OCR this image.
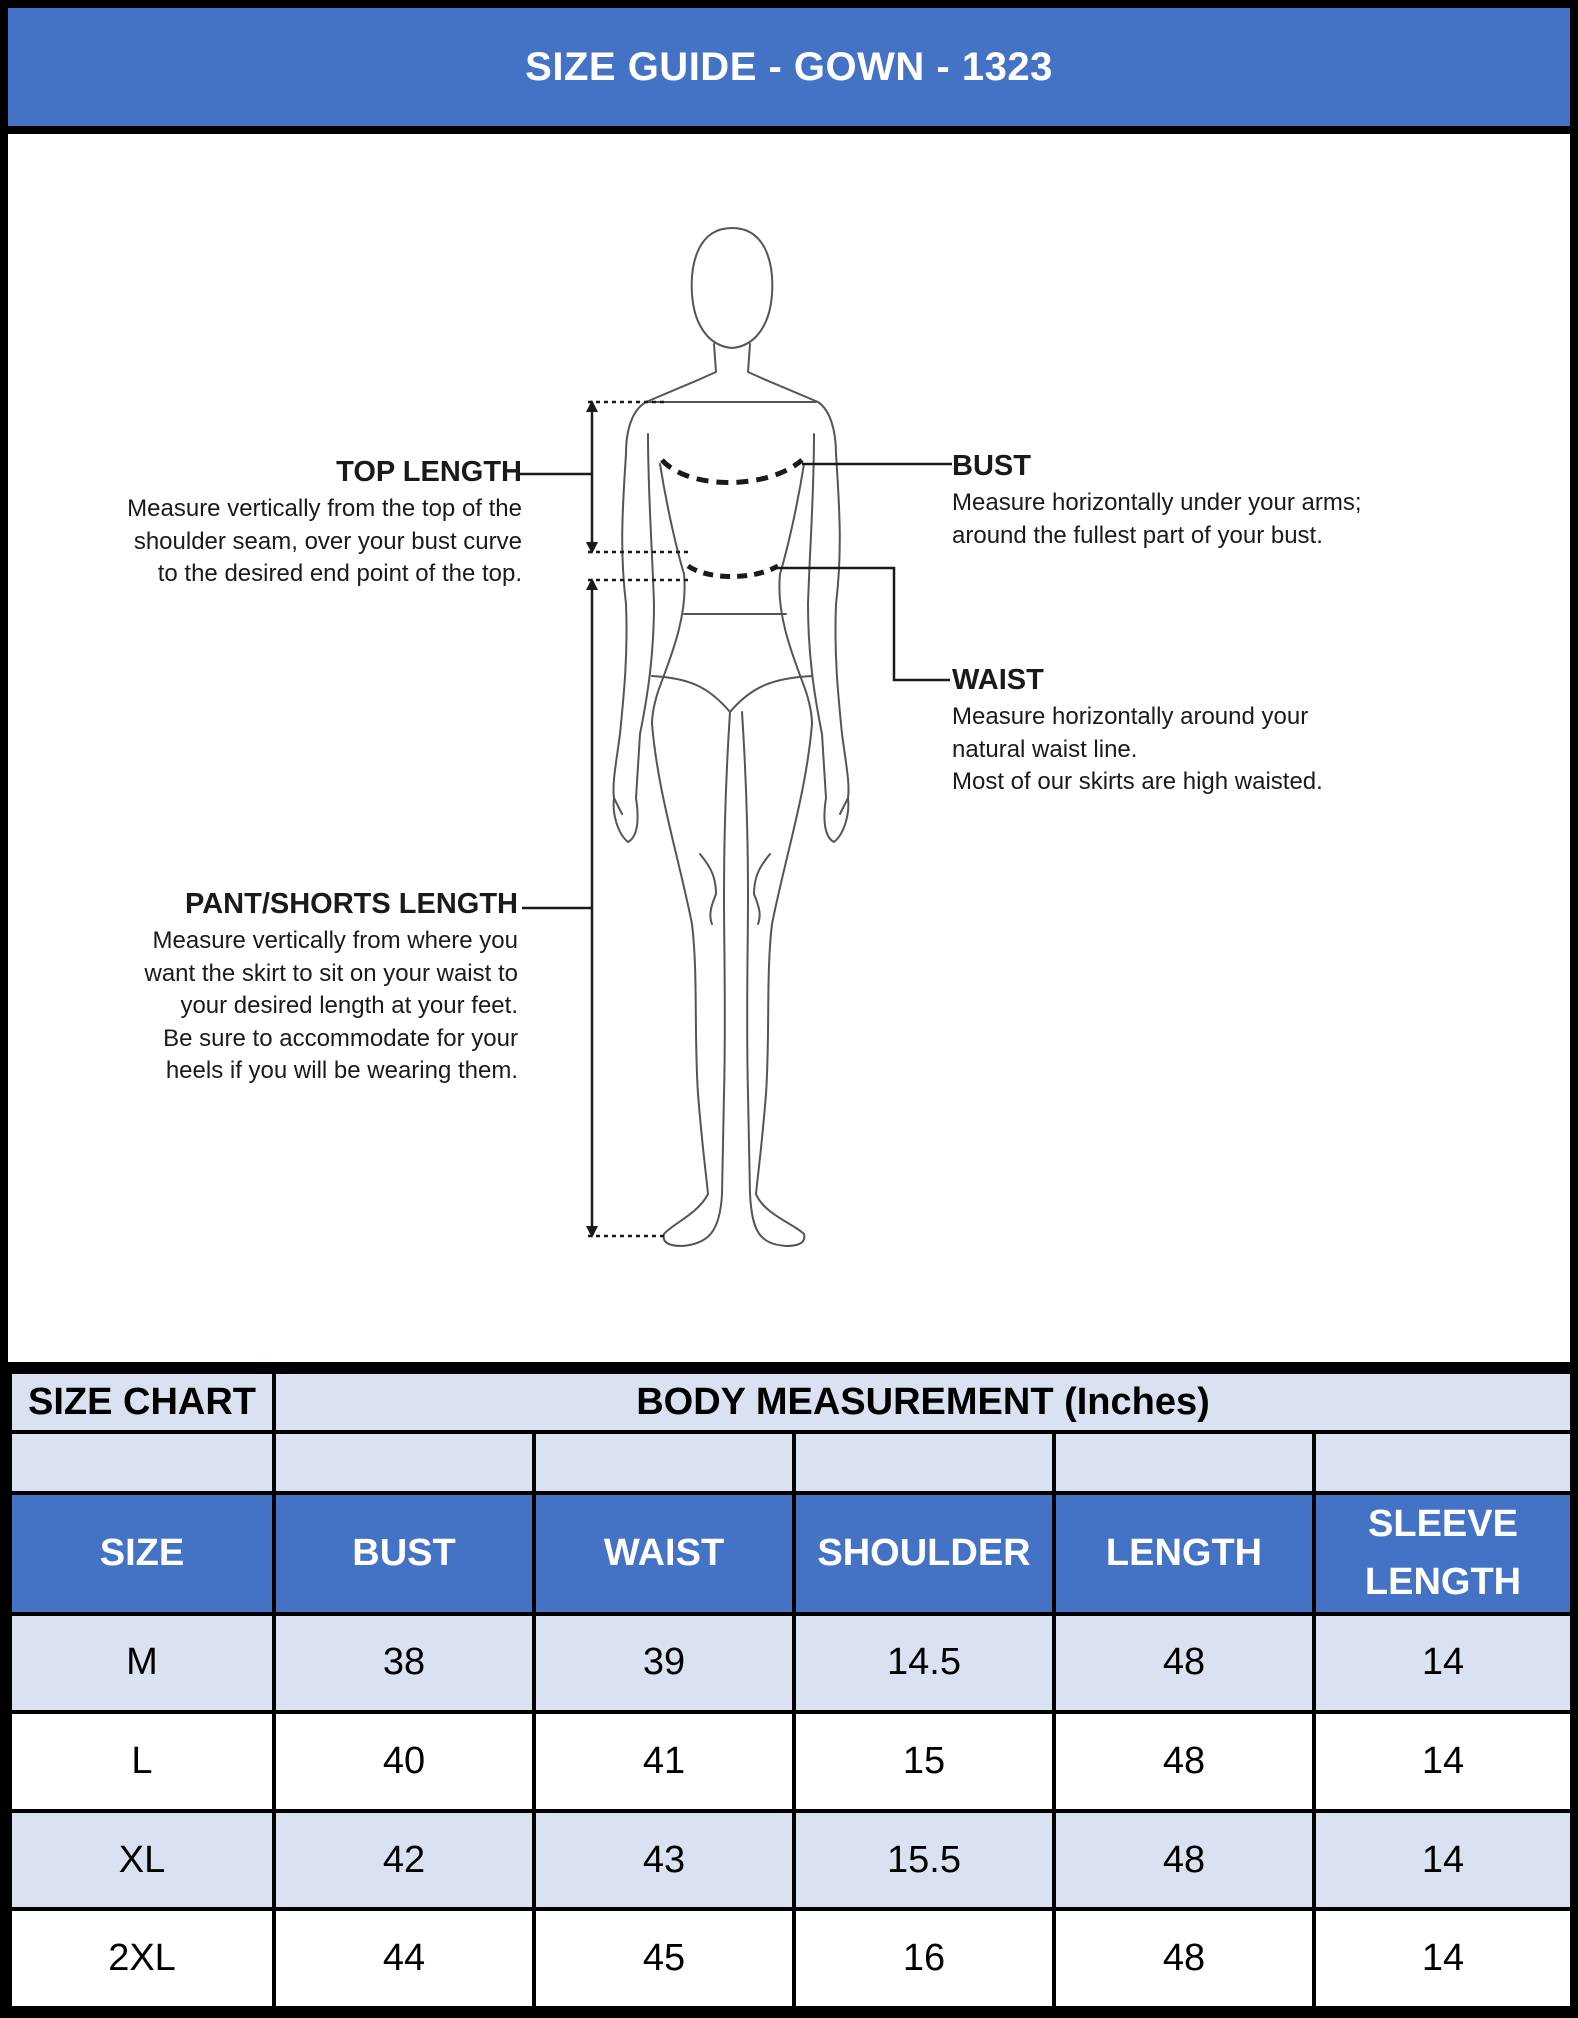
SIZE GUIDE - GOWN - 1323
TOP LENGTH
Measure vertically from the top of the
shoulder seam, over your bust curve
to the desired end point of the top.
BUST
Measure horizontally under your arms;
around the fullest part of your bust.
WAIST
Measure horizontally around your
natural waist line.
Most of our skirts are high waisted.
PANT/SHORTS LENGTH
Measure vertically from where you
want the skirt to sit on your waist to
your desired length at your feet.
Be sure to accommodate for your
heels if you will be wearing them.
SIZE CHART	BODY MEASUREMENT (Inches)				

SIZE	BUST	WAIST	SHOULDER	LENGTH	SLEEVE LENGTH
M	38	39	14.5	48	14
L	40	41	15	48	14
XL	42	43	15.5	48	14
2XL	44	45	16	48	14
